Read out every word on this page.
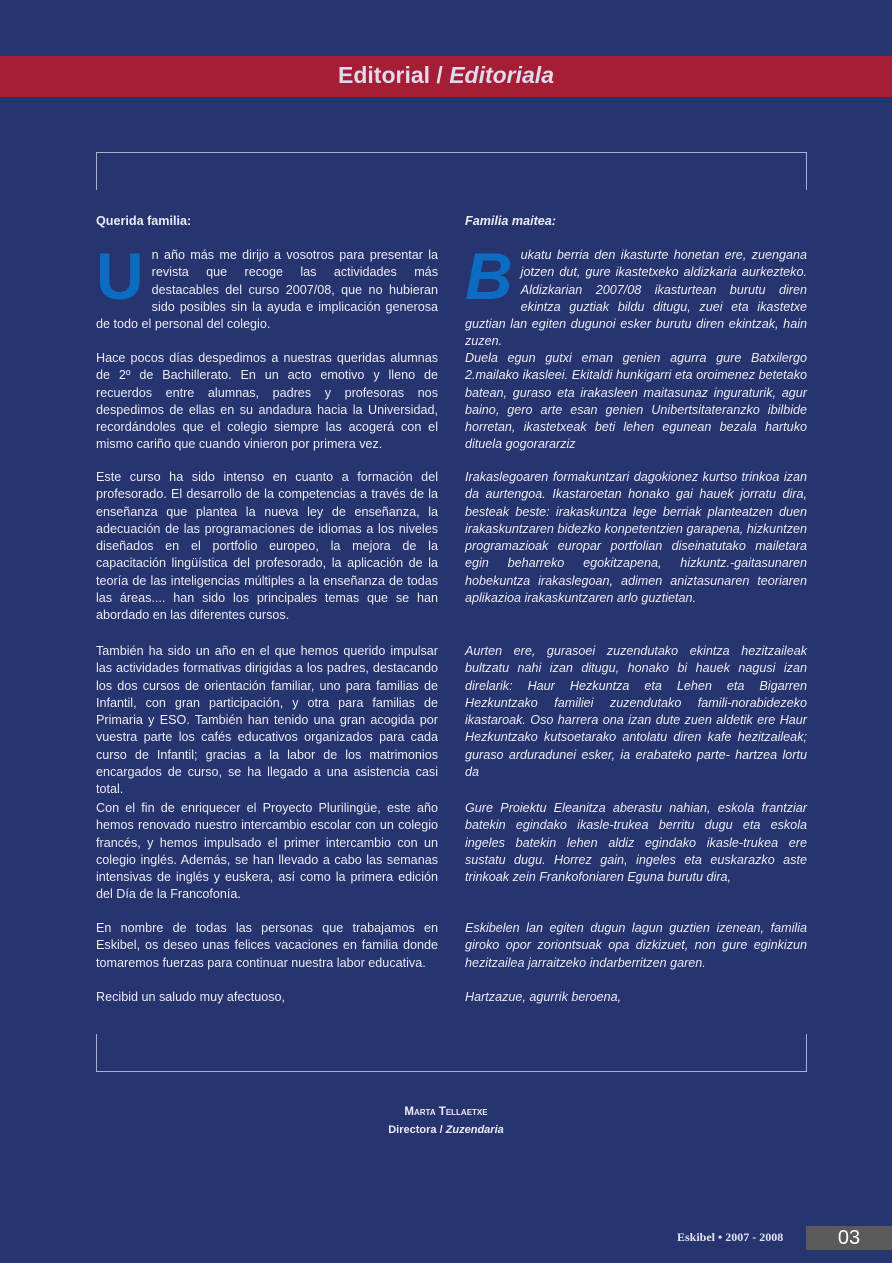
Editorial / Editoriala

Querida familia:

Un año más me dirijo a vosotros para presentar la revista que recoge las actividades más destacables del curso 2007/08, que no hubieran sido posibles sin la ayuda e implicación generosa de todo el personal del colegio.

Hace pocos días despedimos a nuestras queridas alumnas de 2º de Bachillerato. En un acto emotivo y lleno de recuerdos entre alumnas, padres y profesoras nos despedimos de ellas en su andadura hacia la Universidad, recordándoles que el colegio siempre las acogerá con el mismo cariño que cuando vinieron por primera vez.

Este curso ha sido intenso en cuanto a formación del profesorado. El desarrollo de la competencias a través de la enseñanza que plantea la nueva ley de enseñanza, la adecuación de las programaciones de idiomas a los niveles diseñados en el portfolio europeo, la mejora de la capacitación lingüística del profesorado, la aplicación de la teoría de las inteligencias múltiples a la enseñanza de todas las áreas.... han sido los principales temas que se han abordado en las diferentes cursos.

También ha sido un año en el que hemos querido impulsar las actividades formativas dirigidas a los padres, destacando los dos cursos de orientación familiar, uno para familias de Infantil, con gran participación, y otra para familias de Primaria y ESO. También han tenido una gran acogida por vuestra parte los cafés educativos organizados para cada curso de Infantil; gracias a la labor de los matrimonios encargados de curso, se ha llegado a una asistencia casi total.

Con el fin de enriquecer el Proyecto Plurilingüe, este año hemos renovado nuestro intercambio escolar con un colegio francés, y hemos impulsado el primer intercambio con un colegio inglés. Además, se han llevado a cabo las semanas intensivas de inglés y euskera, así como la primera edición del Día de la Francofonía.

En nombre de todas las personas que trabajamos en Eskibel, os deseo unas felices vacaciones en familia donde tomaremos fuerzas para continuar nuestra labor educativa.

Recibid un saludo muy afectuoso,

Familia maitea:

Bukatu berria den ikasturte honetan ere, zuengana jotzen dut, gure ikastetxeko aldizkaria aurkezteko. Aldizkarian 2007/08 ikasturtean burutu diren ekintza guztiak bildu ditugu, zuei eta ikastetxe guztian lan egiten dugunoi esker burutu diren ekintzak, hain zuzen.

Duela egun gutxi eman genien agurra gure Batxilergo 2.mailako ikasleei. Ekitaldi hunkigarri eta oroimenez betetako batean, guraso eta irakasleen maitasunaz inguraturik, agur baino, gero arte esan genien Unibertsitateranzko ibilbide horretan, ikastetxeak beti lehen egunean bezala hartuko dituela gogorararziz

Irakaslegoaren formakuntzari dagokionez kurtso trinkoa izan da aurtengoa. Ikastaroetan honako gai hauek jorratu dira, besteak beste: irakaskuntza lege berriak planteatzen duen irakaskuntzaren bidezko konpetentzien garapena, hizkuntzen programazioak europar portfolian diseinatutako mailetara egin beharreko egokitzapena, hizkuntz.-gaitasunaren hobekuntza irakaslegoan, adimen aniztasunaren teoriaren aplikazioa irakaskuntzaren arlo guztietan.

Aurten ere, gurasoei zuzendutako ekintza hezitzaileak bultzatu nahi izan ditugu, honako bi hauek nagusi izan direlarik: Haur Hezkuntza eta Lehen eta Bigarren Hezkuntzako familiei zuzendutako famili-norabidezeko ikastaroak. Oso harrera ona izan dute zuen aldetik ere Haur Hezkuntzako kutsoetarako antolatu diren kafe hezitzaileak; guraso arduradunei esker, ia erabateko parte- hartzea lortu da

Gure Proiektu Eleanitza aberastu nahian, eskola frantziar batekin egindako ikasle-trukea berritu dugu eta eskola ingeles batekin lehen aldiz egindako ikasle-trukea ere sustatu dugu. Horrez gain, ingeles eta euskarazko aste trinkoak zein Frankofoniaren Eguna burutu dira,

Eskibelen lan egiten dugun lagun guztien izenean, familia giroko opor zoriontsuak opa dizkizuet, non gure eginkizun hezitzailea jarraitzeko indarberritzen garen.

Hartzazue, agurrik beroena,

Marta Tellaetxe
Directora / Zuzendaria
Eskibel • 2007 - 2008	03
